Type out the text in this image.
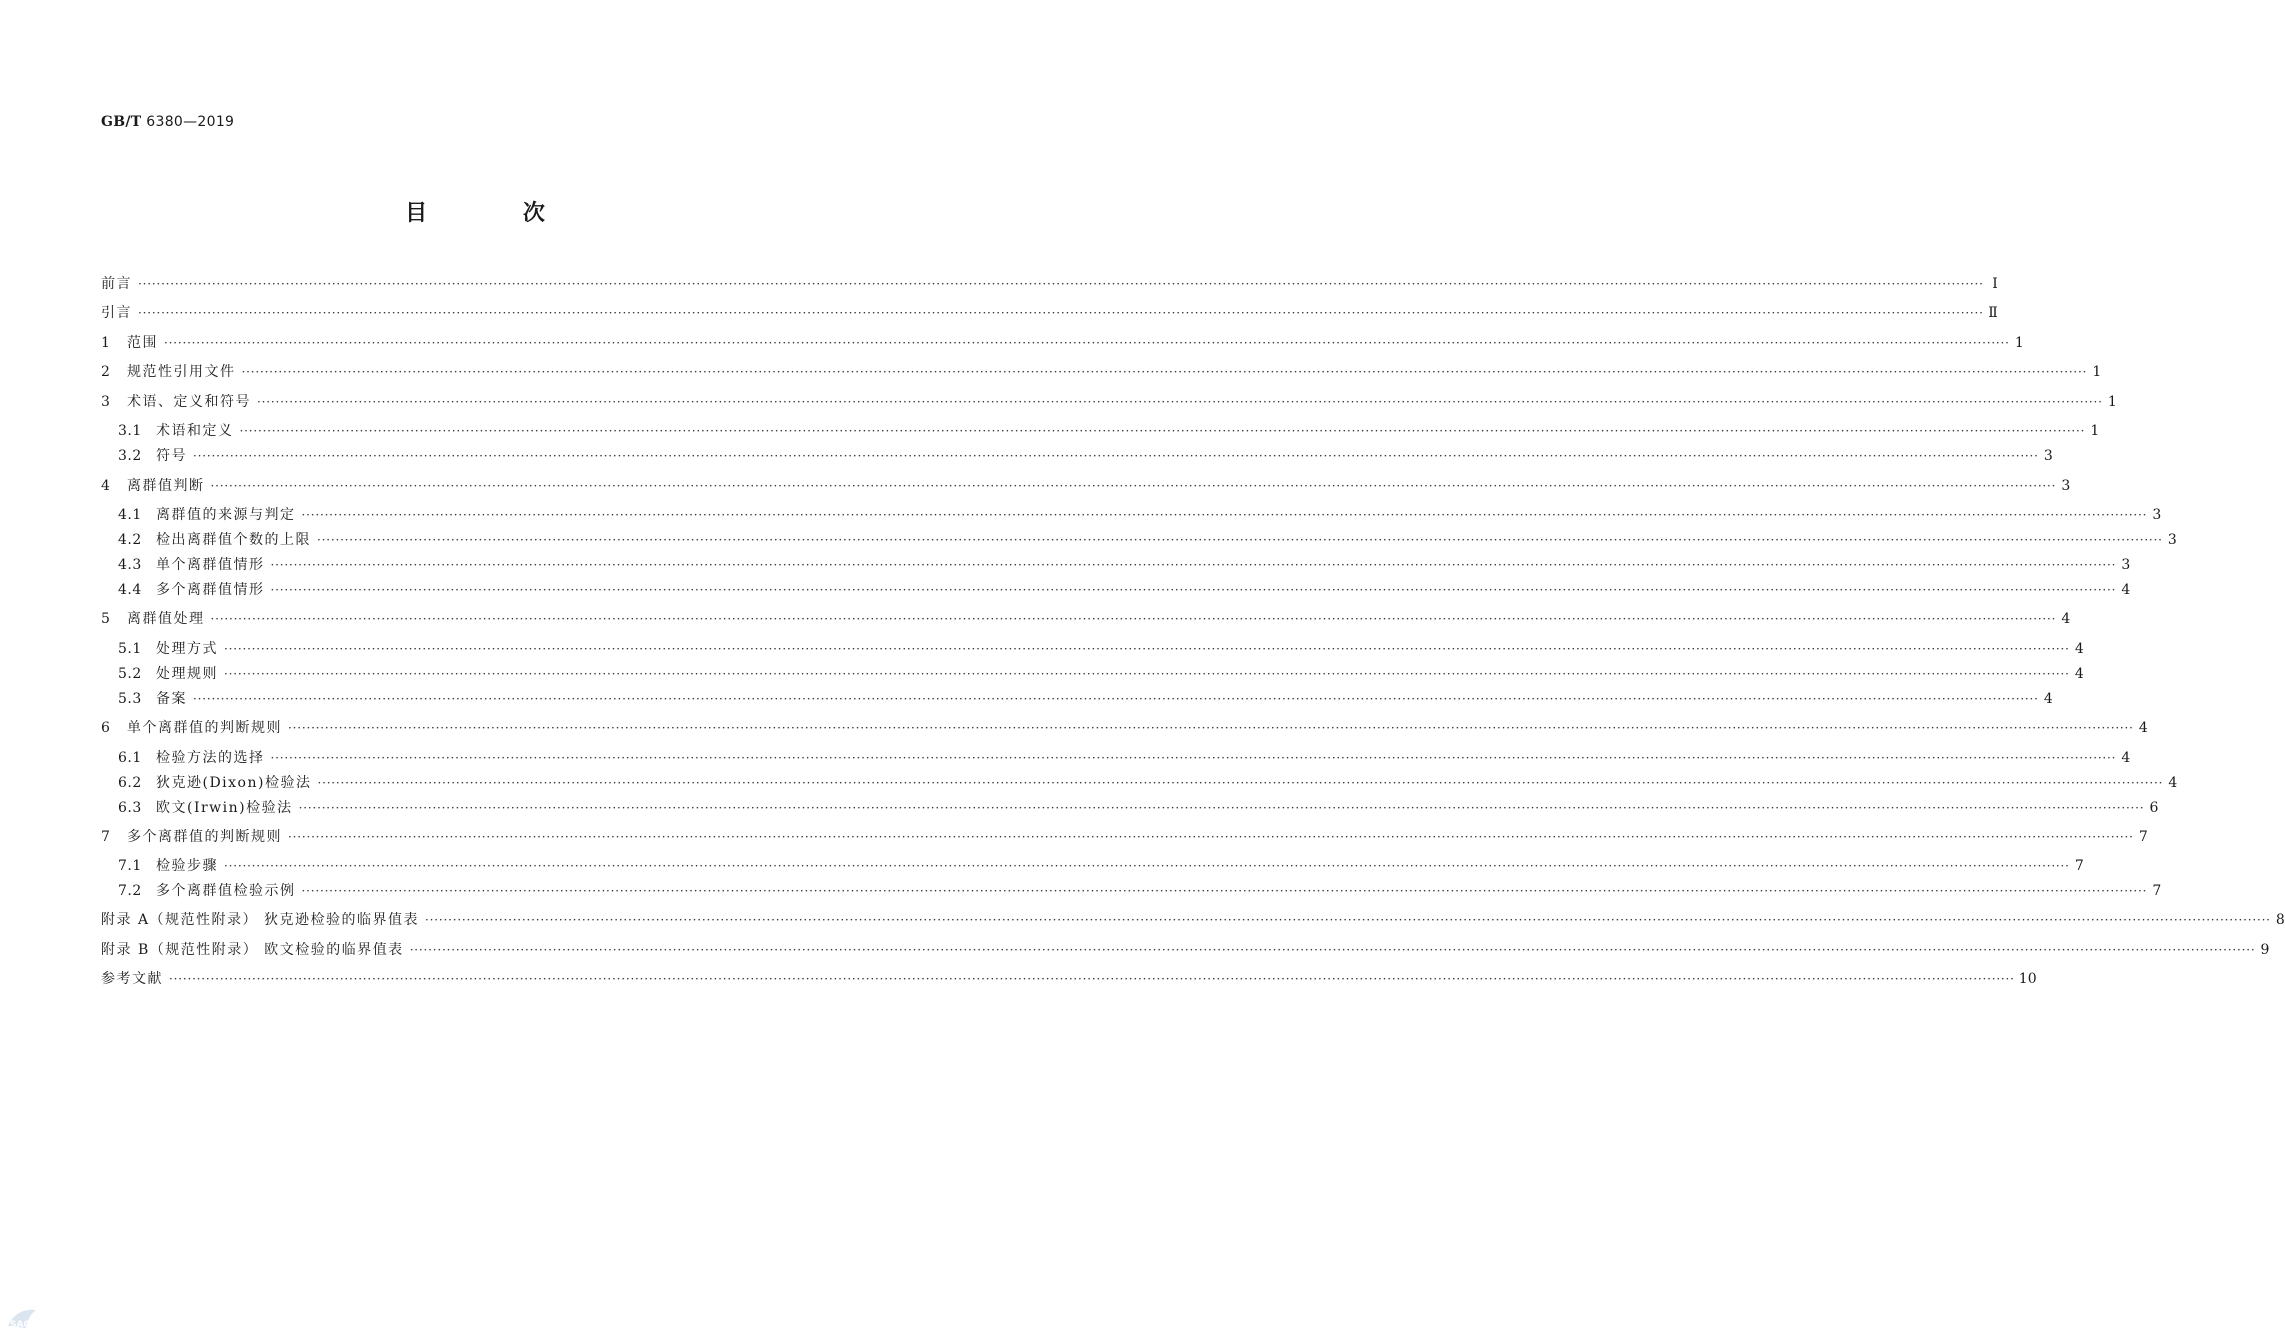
GB/T 6380—2019
目 次
前言 ················································································································································································································································································································································································································ Ⅰ
引言 ················································································································································································································································································································································································································ Ⅱ
1 范围 ················································································································································································································································································································································································································ 1
2 规范性引用文件 ················································································································································································································································································································································································································ 1
3 术语、定义和符号 ················································································································································································································································································································································································································ 1
3.1 术语和定义 ················································································································································································································································································································································································································ 1
3.2 符号 ················································································································································································································································································································································································································ 3
4 离群值判断 ················································································································································································································································································································································································································ 3
4.1 离群值的来源与判定 ················································································································································································································································································································································································································ 3
4.2 检出离群值个数的上限 ················································································································································································································································································································································································································ 3
4.3 单个离群值情形 ················································································································································································································································································································································································································ 3
4.4 多个离群值情形 ················································································································································································································································································································································································································ 4
5 离群值处理 ················································································································································································································································································································································································································ 4
5.1 处理方式 ················································································································································································································································································································································································································ 4
5.2 处理规则 ················································································································································································································································································································································································································ 4
5.3 备案 ················································································································································································································································································································································································································ 4
6 单个离群值的判断规则 ················································································································································································································································································································································································································ 4
6.1 检验方法的选择 ················································································································································································································································································································································································································ 4
6.2 狄克逊(Dixon)检验法 ················································································································································································································································································································································································································ 4
6.3 欧文(Irwin)检验法 ················································································································································································································································································································································································································ 6
7 多个离群值的判断规则 ················································································································································································································································································································································································································ 7
7.1 检验步骤 ················································································································································································································································································································································································································ 7
7.2 多个离群值检验示例 ················································································································································································································································································································································································································ 7
附录 A（规范性附录） 狄克逊检验的临界值表 ················································································································································································································································································································································································································ 8
附录 B（规范性附录） 欧文检验的临界值表 ················································································································································································································································································································································································································ 9
参考文献 ················································································································································································································································································································································································································ 10
SAC
